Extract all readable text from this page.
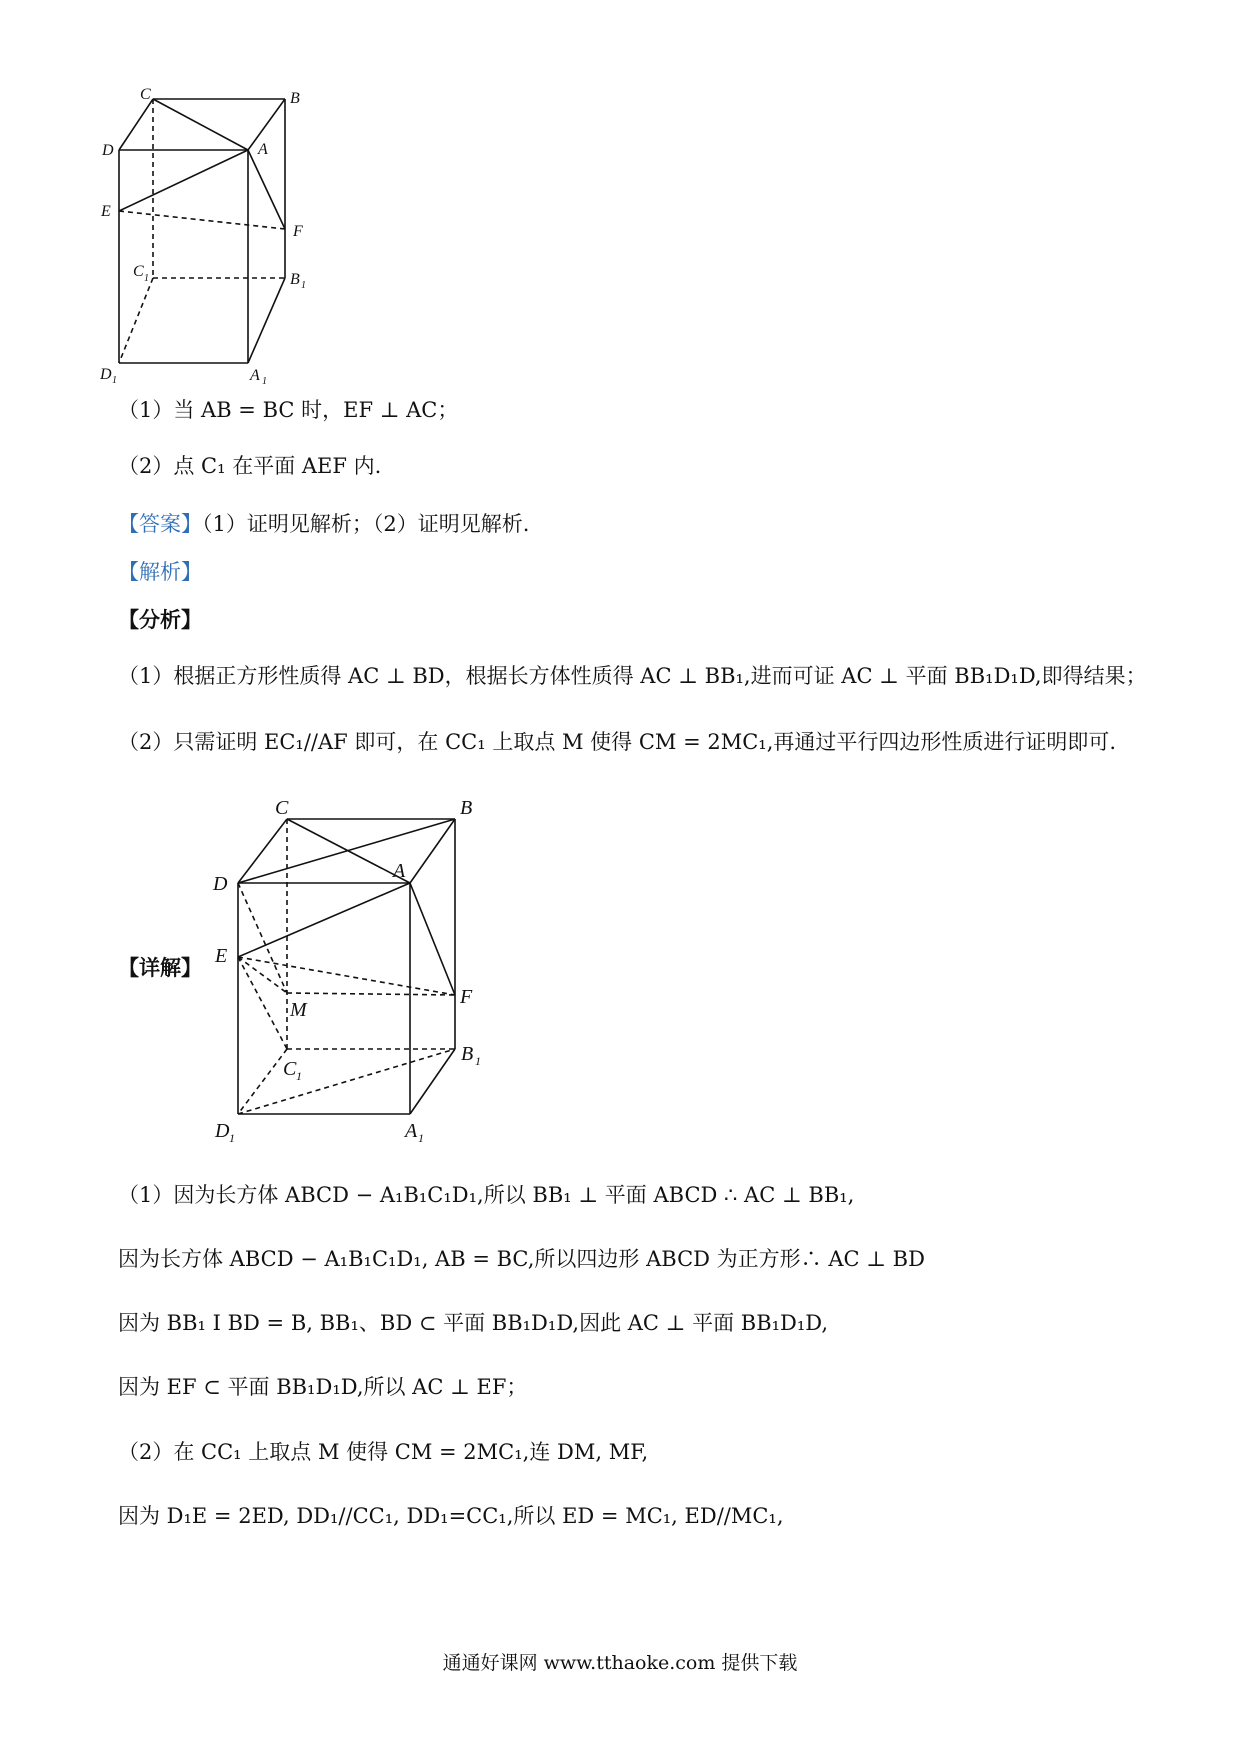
C	B
D	A
E
F
C 1	B 1
D 1	A 1
（1）当 AB = BC 时，EF ⊥ AC；
（2）点 C₁ 在平面 AEF 内.
【答案】（1）证明见解析；（2）证明见解析.
【解析】
【分析】
（1）根据正方形性质得 AC ⊥ BD，根据长方体性质得 AC ⊥ BB₁,进而可证 AC ⊥ 平面 BB₁D₁D,即得结果；
（2）只需证明 EC₁//AF 即可，在 CC₁ 上取点 M 使得 CM = 2MC₁,再通过平行四边形性质进行证明即可.
【详解】
C	B
D
A
E
F
M
C 1
B 1
D 1	A 1
（1）因为长方体 ABCD − A₁B₁C₁D₁,所以 BB₁ ⊥ 平面 ABCD ∴ AC ⊥ BB₁,
因为长方体 ABCD − A₁B₁C₁D₁, AB = BC,所以四边形 ABCD 为正方形∴ AC ⊥ BD
因为 BB₁ I BD = B, BB₁、BD ⊂ 平面 BB₁D₁D,因此 AC ⊥ 平面 BB₁D₁D,
因为 EF ⊂ 平面 BB₁D₁D,所以 AC ⊥ EF；
（2）在 CC₁ 上取点 M 使得 CM = 2MC₁,连 DM, MF,
因为 D₁E = 2ED, DD₁//CC₁, DD₁=CC₁,所以 ED = MC₁, ED//MC₁,
通通好课网 www.tthaoke.com 提供下载
